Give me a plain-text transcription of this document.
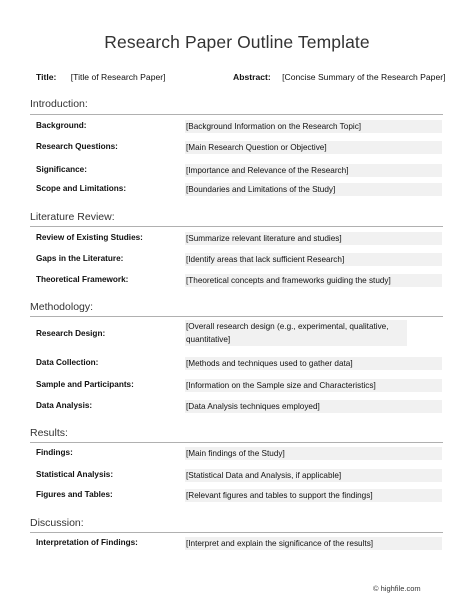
Research Paper Outline Template
Title: [Title of Research Paper]	Abstract: [Concise Summary of the Research Paper]
Introduction:
Background:	[Background Information on the Research Topic]
Research Questions:	[Main Research Question or Objective]
Significance:	[Importance and Relevance of the Research]
Scope and Limitations:	[Boundaries and Limitations of the Study]
Literature Review:
Review of Existing Studies:	[Summarize relevant literature and studies]
Gaps in the Literature:	[Identify areas that lack sufficient Research]
Theoretical Framework:	[Theoretical concepts and frameworks guiding the study]
Methodology:
Research Design:
[Overall research design (e.g., experimental, qualitative, quantitative]
Data Collection:	[Methods and techniques used to gather data]
Sample and Participants:	[Information on the Sample size and Characteristics]
Data Analysis:	[Data Analysis techniques employed]
Results:
Findings:	[Main findings of the Study]
Statistical Analysis:	[Statistical Data and Analysis, if applicable]
Figures and Tables:	[Relevant figures and tables to support the findings]
Discussion:
Interpretation of Findings:	[Interpret and explain the significance of the results]
© highfile.com
